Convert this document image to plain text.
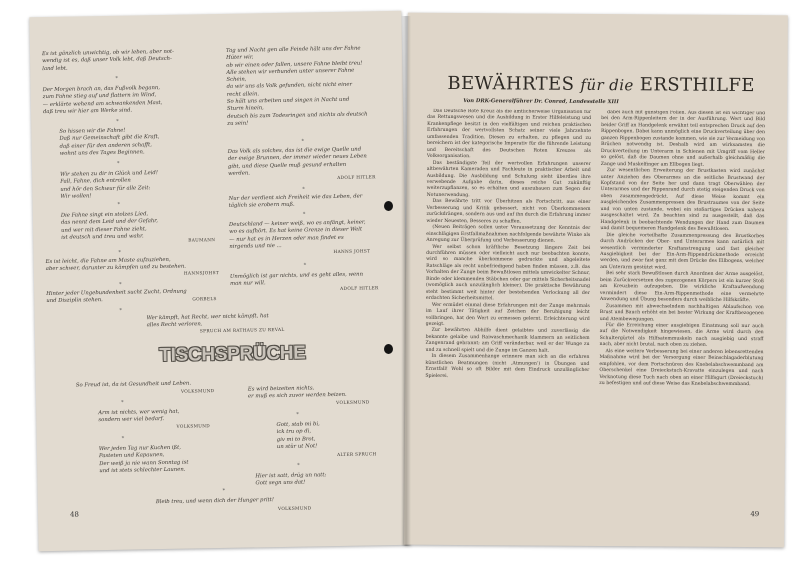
Es ist gänzlich unwichtig, ob wir leben, aber not-
wendig ist es, daß unser Volk lebt, daß Deutsch-
land lebt.
*
Der Morgen brach an, das Fußvolk begann,
zum Fahne stieg auf und flattern im Wind,
— erklärte wehend am schwankenden Mast,
daß treu wir hier am Werke sind.
*
So hissen wir die Fahne!
Daß nur Gemeinschaft gibt die Kraft,
daß einer für den anderen schafft,
wohnt uns des Tages Beginnen.
*
Wir stehen zu dir in Glück und Leid!
Fall, Fahne, dich entrollen
und hör den Schwur für alle Zeit:
Wir wollen!
*
Die Fahne singt ein stolzes Lied,
das nennt dem Leid und der Gefahr,
und wer mit dieser Fahne zieht,
ist deutsch und treu und wahr.
BAUMANN
*
Es ist leicht, die Fahne am Maste aufzuziehen,
aber schwer, darunter zu kämpfen und zu bestehen.
HANNSJOHST
*
Hinter jeder Ungebundenheit sucht Zucht, Ordnung
und Disziplin stehen.	GORBELS
*
Wer kämpft, hat Recht, wer nicht kämpft, hat
alles Recht verloren.
SPRUCH AM RATHAUS ZU REVAL
Tag und Nacht gen alle Feinde hält uns der Fahne
Hüter wir,
ob wir einen oder fallen, unsere Fahne bleibt treu!
Alle stehen wir verbunden unter unserer Fahne
Schein,
da wir uns als Volk gefunden, nicht nicht einer
recht allein.
So hält uns arbeiten und singen in Nacht und
Sturm hinein,
deutsch bis zum Todesringen und nichts als deutsch
zu sein!
*
Das Volk als solches, das ist die ewige Quelle und
der ewige Brunnen, der immer wieder neues Leben
gibt, und diese Quelle muß gesund erhalten
werden.
ADOLF HITLER
*
Nur der verdient sich Freiheit wie das Leben, der
täglich sie erobern muß.
*
Deutschland — keiner weiß, wo es anfängt, keiner,
wo es aufhört. Es hat keine Grenze in dieser Welt
— nur hat es in Herzen oder man findet es
nirgends und nie ...
HANNS JOHST
*
Unmöglich ist gar nichts, und es geht alles, wenn
man nur will.
ADOLF HITLER
TISCHSPRÜCHE
So Freud ist, da ist Gesundheit und Leben.
VOLKSMUND
*
Arm ist nichts, wer wenig hat,
sondern wer viel bedarf.
VOLKSMUND
*
Wer jeden Tag nur Kuchen ißt,
Pasteten und Kapaunen,
Der weiß ja nie wann Sonntag ist
und ist stets schlechter Launen.
Es wird beizeiten nichts,
er muß es sich zuvor werden beizen.
VOLKSMUND
*
Gott, stab mi bi,
ick tru op di,
giv mi to Brot,
un stür ut Not!
ALTER SPRUCH
*
Hier ist satt, drüg un natt;
Gott segn uns dat!
*
Bleib treu, und wenn dich der Hunger pritt!
VOLKSMUND
48
BEWÄHRTES für die ERSTHILFE
Von DRK-Generalführer Dr. Conrad, Landesstelle XIII

Das Deutsche Rote Kreuz als die amtlicherweise Organisation für das Rettungswesen und die Ausbildung in Erster Hilfeleistung und Krankenpflege besitzt in den vielfältigen und reichen praktischen Erfahrungen der wertvollsten Schatz seiner viele Jahrzehnte umfassenden Tradition. Diesen zu erhalten, zu pflegen und zu bereichern ist der kategorische Imperativ für die führende Leistung und Bereitschaft des Deutschen Roten Kreuzes als Volksorganisation.

Das beständigste Teil der wertvollen Erfahrungen unserer altbewährten Kameraden und Fachleute in praktischer Arbeit und Ausbildung. Die Ausbildung und Schulung sieht überdies ihre verwebende Aufgabe darin, dieses reiche Gut zukünftig weiterzupflanzen, so es erhalten und auszubauen zum Segen der Notunerwendung.

Das Bewährte tritt vor Überhitzen als Fortschritt, aus einer Verbesserung und Kritik gebessert, nicht von Überkommenem zurückdrängen, sondern aus und auf ihn durch die Erfahrung immer wieder Neuesten, Besseres zu schaffen.

(Neuen Beiträgen sollen unter Voraussetzung der Kenntnis der einschlägigen Erstfallmaßnahmen nachfolgende bewährte Winke als Anregung zur Überprüfung und Verbesserung dienen.

Wer selbst schon kräftliche Besetzung längere Zeit bei durchführen müssen oder vielleicht auch nur beobachten konnte, wird so manche überkommene gedruckte und abgeleitete Ratschläge als recht unbefriedigend haben finden müssen, z.B. das Vorhalten der Zunge beim Bewußtlosen mittels umwickelter Schnur, Binde oder klemmenden Stäbchen oder gar mittels Sicherheitsnadel (womöglich auch unzulänglich kleiner). Die praktische Bewährung steht bestimmt weit hinter der bestehenden Verlockung all der erdachten Sicherheitsmittel.

Wer ermüdet einmal diese Erfahrungen mit der Zunge mehrmals im Lauf ihrer Tätigkeit auf Zeichen der Beruhigung leicht vollbringen, hat den Wert zu ermessen gelernt. Erleichterung wird gezeigt.

Zur bewährten Abhilfe dient gelaibtes und zuverlässig die bekannte gelaibe und Raiwaschmechanik klammern an seitlichem Zangenrand gebrannt; am Griff veränderbar, weil er der Wunge zu und zu schnell spielt und die Zunge im Ganzen halt.

In diesem Zusammenhange erinnere man sich an die erfahren künstlichen Beatmungen (nicht ‚Atmungen‘) in Übungen und Ernstfall! Wohl so oft Bilder mit dem Eindruck unzulänglicher Spielerei.

dabei auch mit günstigen Folien. Aus diesen ist ein wichtiger und bei den Arm-Rippenleitern der in der Ausführung. Wert und Bild beider Griff an Handgelenk erwähnt teil entsprechen Druck auf den Rippenbogen. Dabei kann unmöglich eine Druckverteilung über den ganzen Rippenbogen zustande kommen, wie sie zur Vermeidung von Brüchen notwendig ist. Deshalb wird am wirksamsten die Druckverteilung im Unterarm in Schienen mit Umgriff vom Heller so gelöst, daß die Daumen ohne und außerhalb gleichmäßig die Zange und Muskelfinger am Ellbogen liegt.

Zur wesentlichen Erweiterung der Brustkasten wird zunächst unter Anziehen des Oberarmes an die seitliche Brustwand der Kopfstand von der Seite her und dann tragt Oberwählen der Unterarmes und der Rippenrand durch stetig steigenden Druck von oben zusammengedrückt. Auf diese Weise kommt ein ausgleichendes Zusammenpressen des Brustraumes von der Seite und von unten zustande, wobei ein stoßartiges Drücken nahezu ausgeschaltet wird. Zu beachten sind zu ausgestellt, daß das Handgelenk in beobachtende Wendungen der Hand zum Daumen und damit bequemeren Handgelenk des Bewußtlosen.

Die gleiche vorteilhafte Zusammenpressung des Brustkorbes durch Andrücken der Ober- und Unterarmes kann natürlich mit wesentlich verminderter Kraftanstrengung und fast gleicher Ausgiebigkeit bei der Ein-Arm-Rippendrückmethode erreicht werden, und zwar fast ganz mit dem Drücke des Ellbogens, welcher am Unterarm gestützt wird.

Bei sehr stark Bewußtlosen durch Anordnen der Arme ausgelöst, beim Zurückversetzen des zugezogenen Körpers ist ein kurzer Stoß am Kreuzbein aufzugeben. Die wirkliche Kraftaufwendung vermindert diese Ein-Arm-Rippenmethode eine vermehrte Anwendung und Übung besonders durch weibliche Hilfskräfte.

Zusammen mit abwechselndem nachhaltigen Ablaufschon von Brust und Bauch erhöht ein bei bester Wirkung der Kraftbezogenen und Atembewegungen.

Für die Erreichung einer ausgiebigen Einatmung soll nur auch auf die Notwendigkeit hingewiesen, die Arme wird durch den Schultergürtel als Hilfsatemmuskeln nach ausgiebig und straff nach, aber nicht brutal, nach oben zu ziehen.

Als eine weitere Verbesserung bei einer anderen lebensrettenden Maßnahme wird bei der Versorgung einer Beinschlagaderblutung empfohlen, vor dem Fortschnüren des Knebelabschwemmband am Oberschenkel eine Dreieckstuch-Kravatte einzulegen und nach Verknotung diese Tuch nach oben an einer Hilfsgurt (Dreieckstuch) zu befestigen und auf diese Weise das Knebelabschwemmband.

49
